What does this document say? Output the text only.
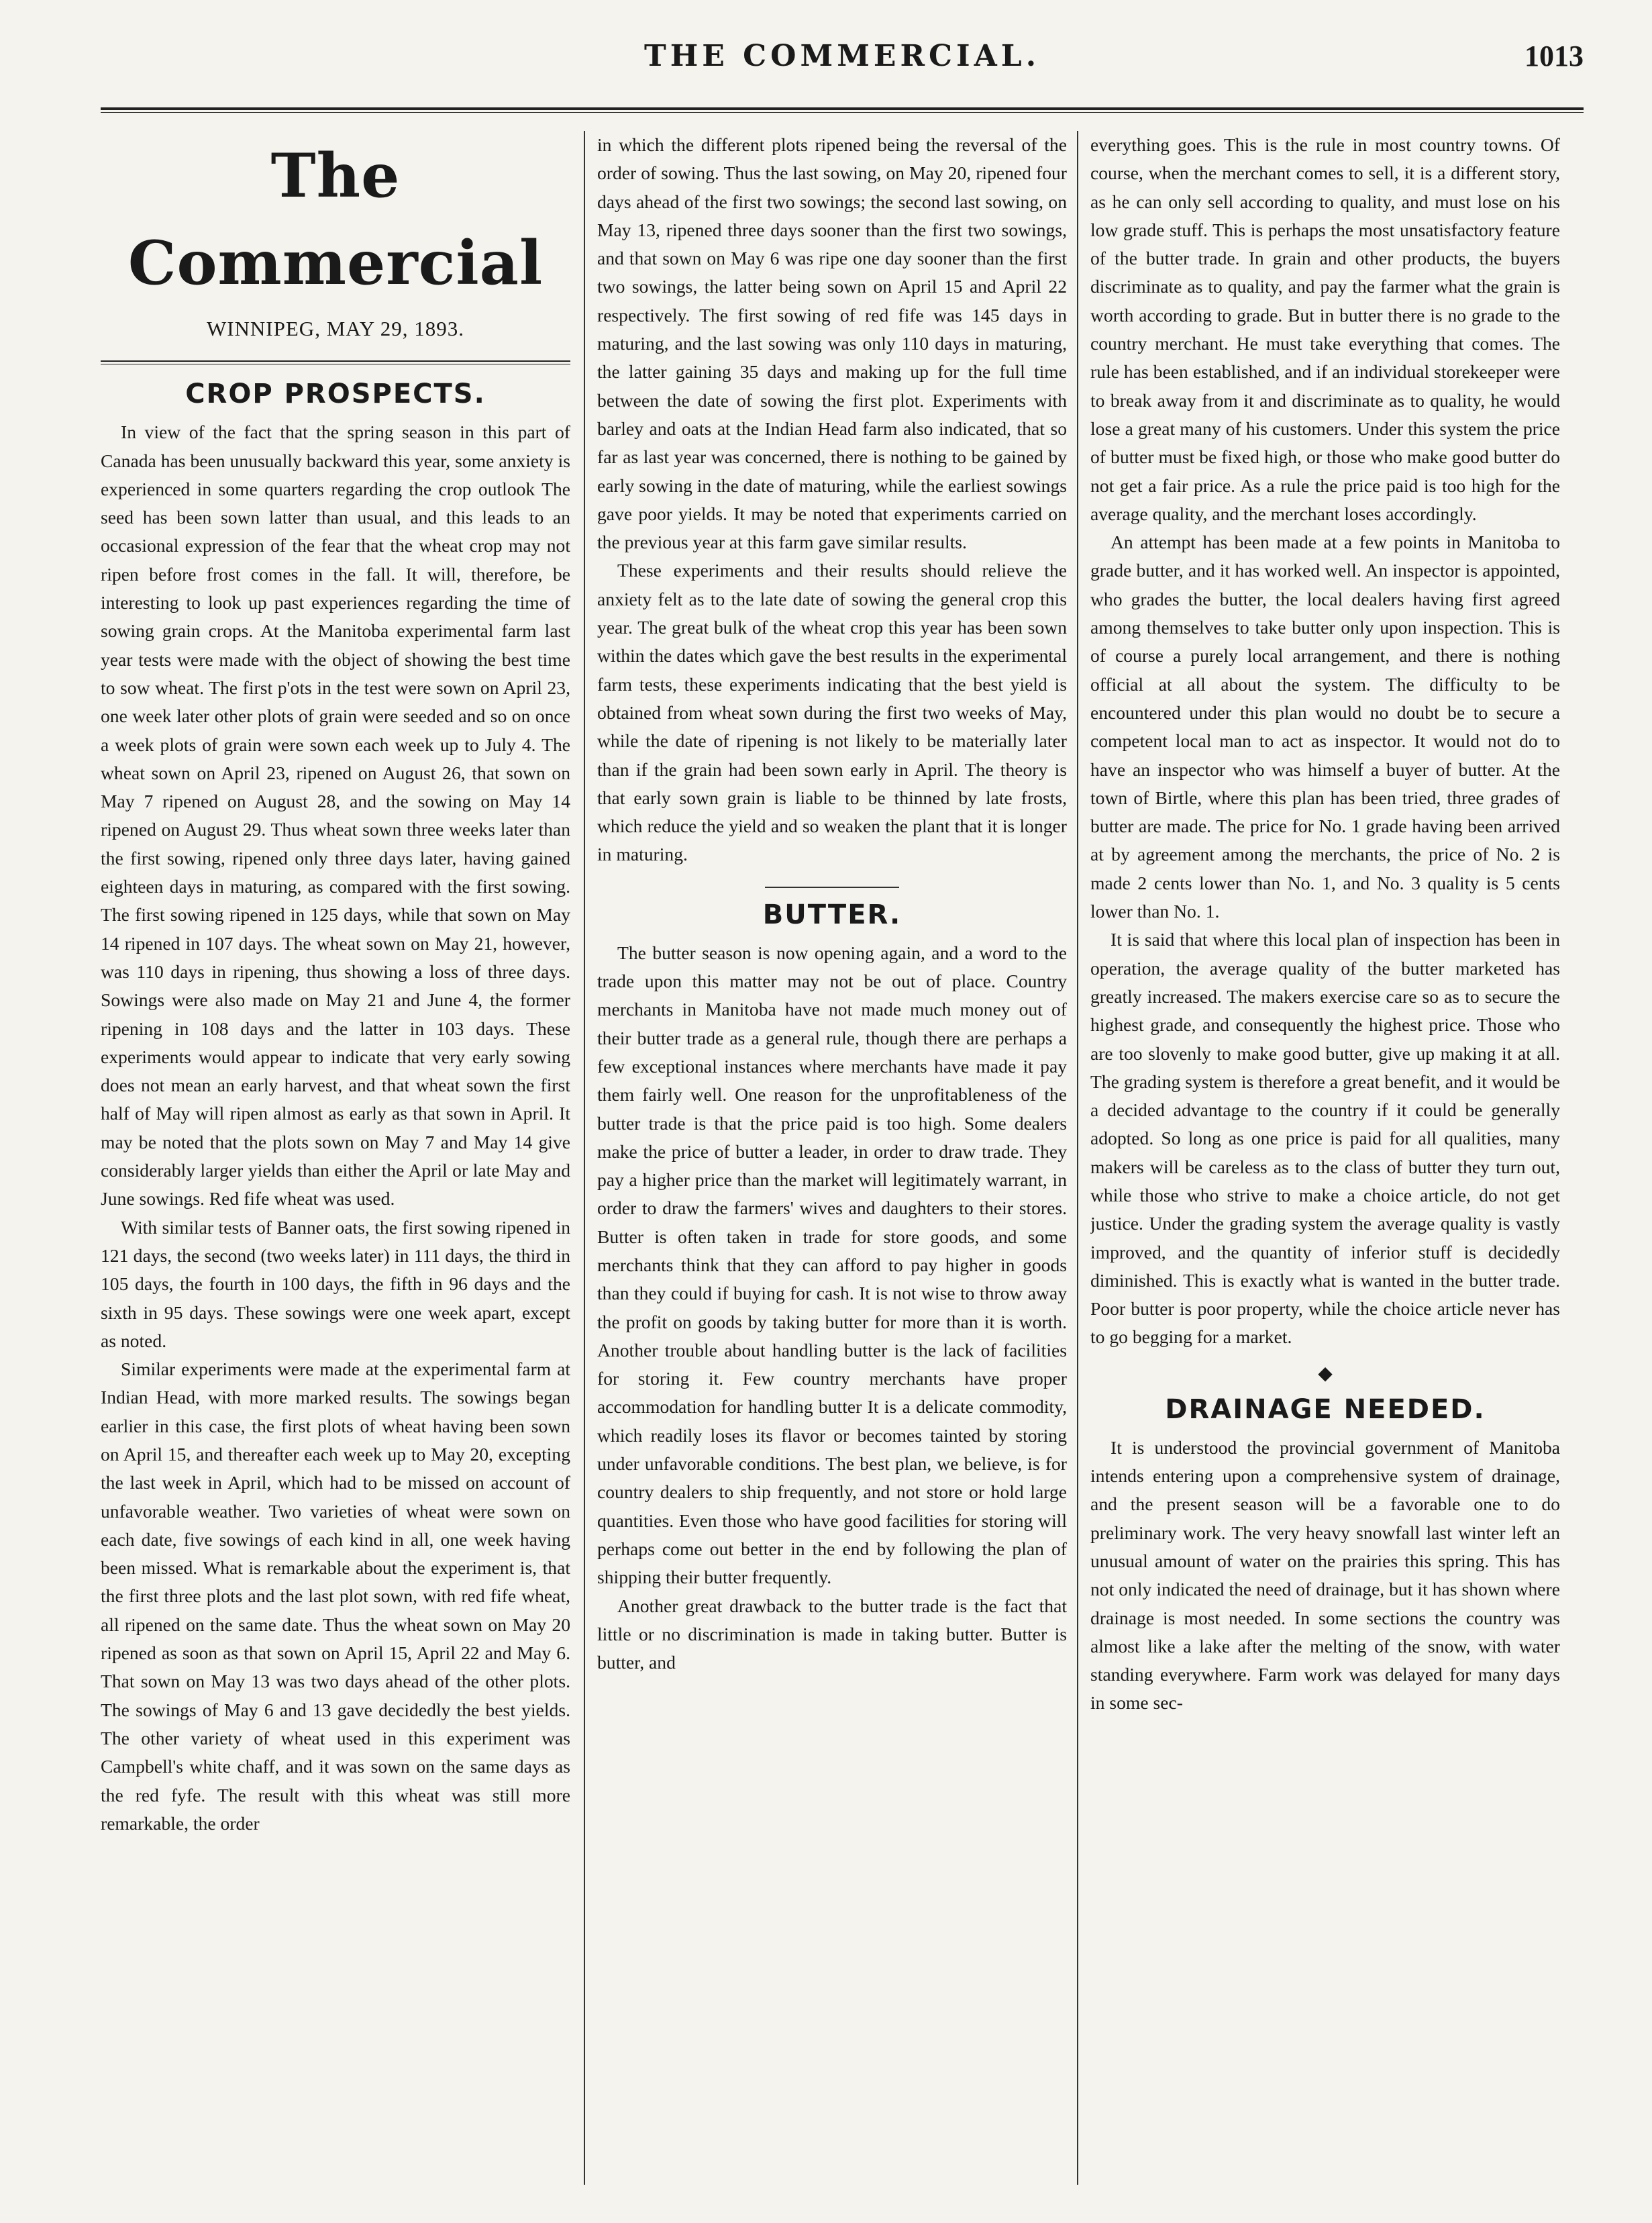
THE COMMERCIAL.	1013
The Commercial
WINNIPEG, MAY 29, 1893.
CROP PROSPECTS.

In view of the fact that the spring season in this part of Canada has been unusually backward this year, some anxiety is experienced in some quarters regarding the crop outlook The seed has been sown latter than usual, and this leads to an occasional expression of the fear that the wheat crop may not ripen before frost comes in the fall. It will, therefore, be interesting to look up past experiences regarding the time of sowing grain crops. At the Manitoba experimental farm last year tests were made with the object of showing the best time to sow wheat. The first p'ots in the test were sown on April 23, one week later other plots of grain were seeded and so on once a week plots of grain were sown each week up to July 4. The wheat sown on April 23, ripened on August 26, that sown on May 7 ripened on August 28, and the sowing on May 14 ripened on August 29. Thus wheat sown three weeks later than the first sowing, ripened only three days later, having gained eighteen days in maturing, as compared with the first sowing. The first sowing ripened in 125 days, while that sown on May 14 ripened in 107 days. The wheat sown on May 21, however, was 110 days in ripening, thus showing a loss of three days. Sowings were also made on May 21 and June 4, the former ripening in 108 days and the latter in 103 days. These experiments would appear to indicate that very early sowing does not mean an early harvest, and that wheat sown the first half of May will ripen almost as early as that sown in April. It may be noted that the plots sown on May 7 and May 14 give considerably larger yields than either the April or late May and June sowings. Red fife wheat was used.

With similar tests of Banner oats, the first sowing ripened in 121 days, the second (two weeks later) in 111 days, the third in 105 days, the fourth in 100 days, the fifth in 96 days and the sixth in 95 days. These sowings were one week apart, except as noted.

Similar experiments were made at the experimental farm at Indian Head, with more marked results. The sowings began earlier in this case, the first plots of wheat having been sown on April 15, and thereafter each week up to May 20, excepting the last week in April, which had to be missed on account of unfavorable weather. Two varieties of wheat were sown on each date, five sowings of each kind in all, one week having been missed. What is remarkable about the experiment is, that the first three plots and the last plot sown, with red fife wheat, all ripened on the same date. Thus the wheat sown on May 20 ripened as soon as that sown on April 15, April 22 and May 6. That sown on May 13 was two days ahead of the other plots. The sowings of May 6 and 13 gave decidedly the best yields. The other variety of wheat used in this experiment was Campbell's white chaff, and it was sown on the same days as the red fyfe. The result with this wheat was still more remarkable, the order

in which the different plots ripened being the reversal of the order of sowing. Thus the last sowing, on May 20, ripened four days ahead of the first two sowings; the second last sowing, on May 13, ripened three days sooner than the first two sowings, and that sown on May 6 was ripe one day sooner than the first two sowings, the latter being sown on April 15 and April 22 respectively. The first sowing of red fife was 145 days in maturing, and the last sowing was only 110 days in maturing, the latter gaining 35 days and making up for the full time between the date of sowing the first plot. Experiments with barley and oats at the Indian Head farm also indicated, that so far as last year was concerned, there is nothing to be gained by early sowing in the date of maturing, while the earliest sowings gave poor yields. It may be noted that experiments carried on the previous year at this farm gave similar results.

These experiments and their results should relieve the anxiety felt as to the late date of sowing the general crop this year. The great bulk of the wheat crop this year has been sown within the dates which gave the best results in the experimental farm tests, these experiments indicating that the best yield is obtained from wheat sown during the first two weeks of May, while the date of ripening is not likely to be materially later than if the grain had been sown early in April. The theory is that early sown grain is liable to be thinned by late frosts, which reduce the yield and so weaken the plant that it is longer in maturing.

BUTTER.

The butter season is now opening again, and a word to the trade upon this matter may not be out of place. Country merchants in Manitoba have not made much money out of their butter trade as a general rule, though there are perhaps a few exceptional instances where merchants have made it pay them fairly well. One reason for the unprofitableness of the butter trade is that the price paid is too high. Some dealers make the price of butter a leader, in order to draw trade. They pay a higher price than the market will legitimately warrant, in order to draw the farmers' wives and daughters to their stores. Butter is often taken in trade for store goods, and some merchants think that they can afford to pay higher in goods than they could if buying for cash. It is not wise to throw away the profit on goods by taking butter for more than it is worth. Another trouble about handling butter is the lack of facilities for storing it. Few country merchants have proper accommodation for handling butter It is a delicate commodity, which readily loses its flavor or becomes tainted by storing under unfavorable conditions. The best plan, we believe, is for country dealers to ship frequently, and not store or hold large quantities. Even those who have good facilities for storing will perhaps come out better in the end by following the plan of shipping their butter frequently.

Another great drawback to the butter trade is the fact that little or no discrimination is made in taking butter. Butter is butter, and

everything goes. This is the rule in most country towns. Of course, when the merchant comes to sell, it is a different story, as he can only sell according to quality, and must lose on his low grade stuff. This is perhaps the most unsatisfactory feature of the butter trade. In grain and other products, the buyers discriminate as to quality, and pay the farmer what the grain is worth according to grade. But in butter there is no grade to the country merchant. He must take everything that comes. The rule has been established, and if an individual storekeeper were to break away from it and discriminate as to quality, he would lose a great many of his customers. Under this system the price of butter must be fixed high, or those who make good butter do not get a fair price. As a rule the price paid is too high for the average quality, and the merchant loses accordingly.

An attempt has been made at a few points in Manitoba to grade butter, and it has worked well. An inspector is appointed, who grades the butter, the local dealers having first agreed among themselves to take butter only upon inspection. This is of course a purely local arrangement, and there is nothing official at all about the system. The difficulty to be encountered under this plan would no doubt be to secure a competent local man to act as inspector. It would not do to have an inspector who was himself a buyer of butter. At the town of Birtle, where this plan has been tried, three grades of butter are made. The price for No. 1 grade having been arrived at by agreement among the merchants, the price of No. 2 is made 2 cents lower than No. 1, and No. 3 quality is 5 cents lower than No. 1.

It is said that where this local plan of inspection has been in operation, the average quality of the butter marketed has greatly increased. The makers exercise care so as to secure the highest grade, and consequently the highest price. Those who are too slovenly to make good butter, give up making it at all. The grading system is therefore a great benefit, and it would be a decided advantage to the country if it could be generally adopted. So long as one price is paid for all qualities, many makers will be careless as to the class of butter they turn out, while those who strive to make a choice article, do not get justice. Under the grading system the average quality is vastly improved, and the quantity of inferior stuff is decidedly diminished. This is exactly what is wanted in the butter trade. Poor butter is poor property, while the choice article never has to go begging for a market.

◆
DRAINAGE NEEDED.

It is understood the provincial government of Manitoba intends entering upon a comprehensive system of drainage, and the present season will be a favorable one to do preliminary work. The very heavy snowfall last winter left an unusual amount of water on the prairies this spring. This has not only indicated the need of drainage, but it has shown where drainage is most needed. In some sections the country was almost like a lake after the melting of the snow, with water standing everywhere. Farm work was delayed for many days in some sec-
